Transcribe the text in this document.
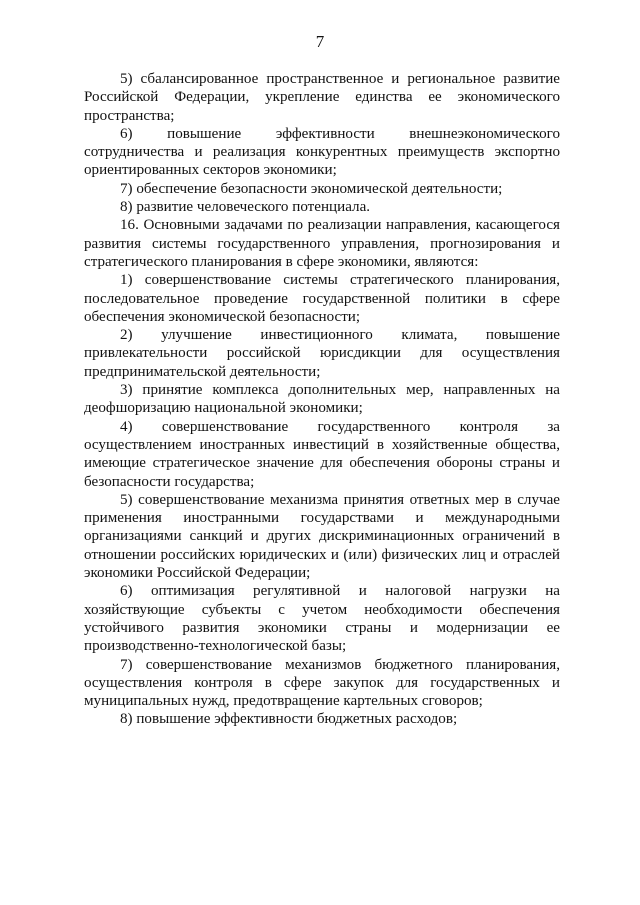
7

5) сбалансированное пространственное и региональное развитие Российской Федерации, укрепление единства ее экономического пространства;

6) повышение эффективности внешнеэкономического сотрудничества и реализация конкурентных преимуществ экспортно ориентированных секторов экономики;

7) обеспечение безопасности экономической деятельности;

8) развитие человеческого потенциала.

16. Основными задачами по реализации направления, касающегося развития системы государственного управления, прогнозирования и стратегического планирования в сфере экономики, являются:

1) совершенствование системы стратегического планирования, последовательное проведение государственной политики в сфере обеспечения экономической безопасности;

2) улучшение инвестиционного климата, повышение привлекательности российской юрисдикции для осуществления предпринимательской деятельности;

3) принятие комплекса дополнительных мер, направленных на деофшоризацию национальной экономики;

4) совершенствование государственного контроля за осуществлением иностранных инвестиций в хозяйственные общества, имеющие стратегическое значение для обеспечения обороны страны и безопасности государства;

5) совершенствование механизма принятия ответных мер в случае применения иностранными государствами и международными организациями санкций и других дискриминационных ограничений в отношении российских юридических и (или) физических лиц и отраслей экономики Российской Федерации;

6) оптимизация регулятивной и налоговой нагрузки на хозяйствующие субъекты с учетом необходимости обеспечения устойчивого развития экономики страны и модернизации ее производственно-технологической базы;

7) совершенствование механизмов бюджетного планирования, осуществления контроля в сфере закупок для государственных и муниципальных нужд, предотвращение картельных сговоров;

8) повышение эффективности бюджетных расходов;
